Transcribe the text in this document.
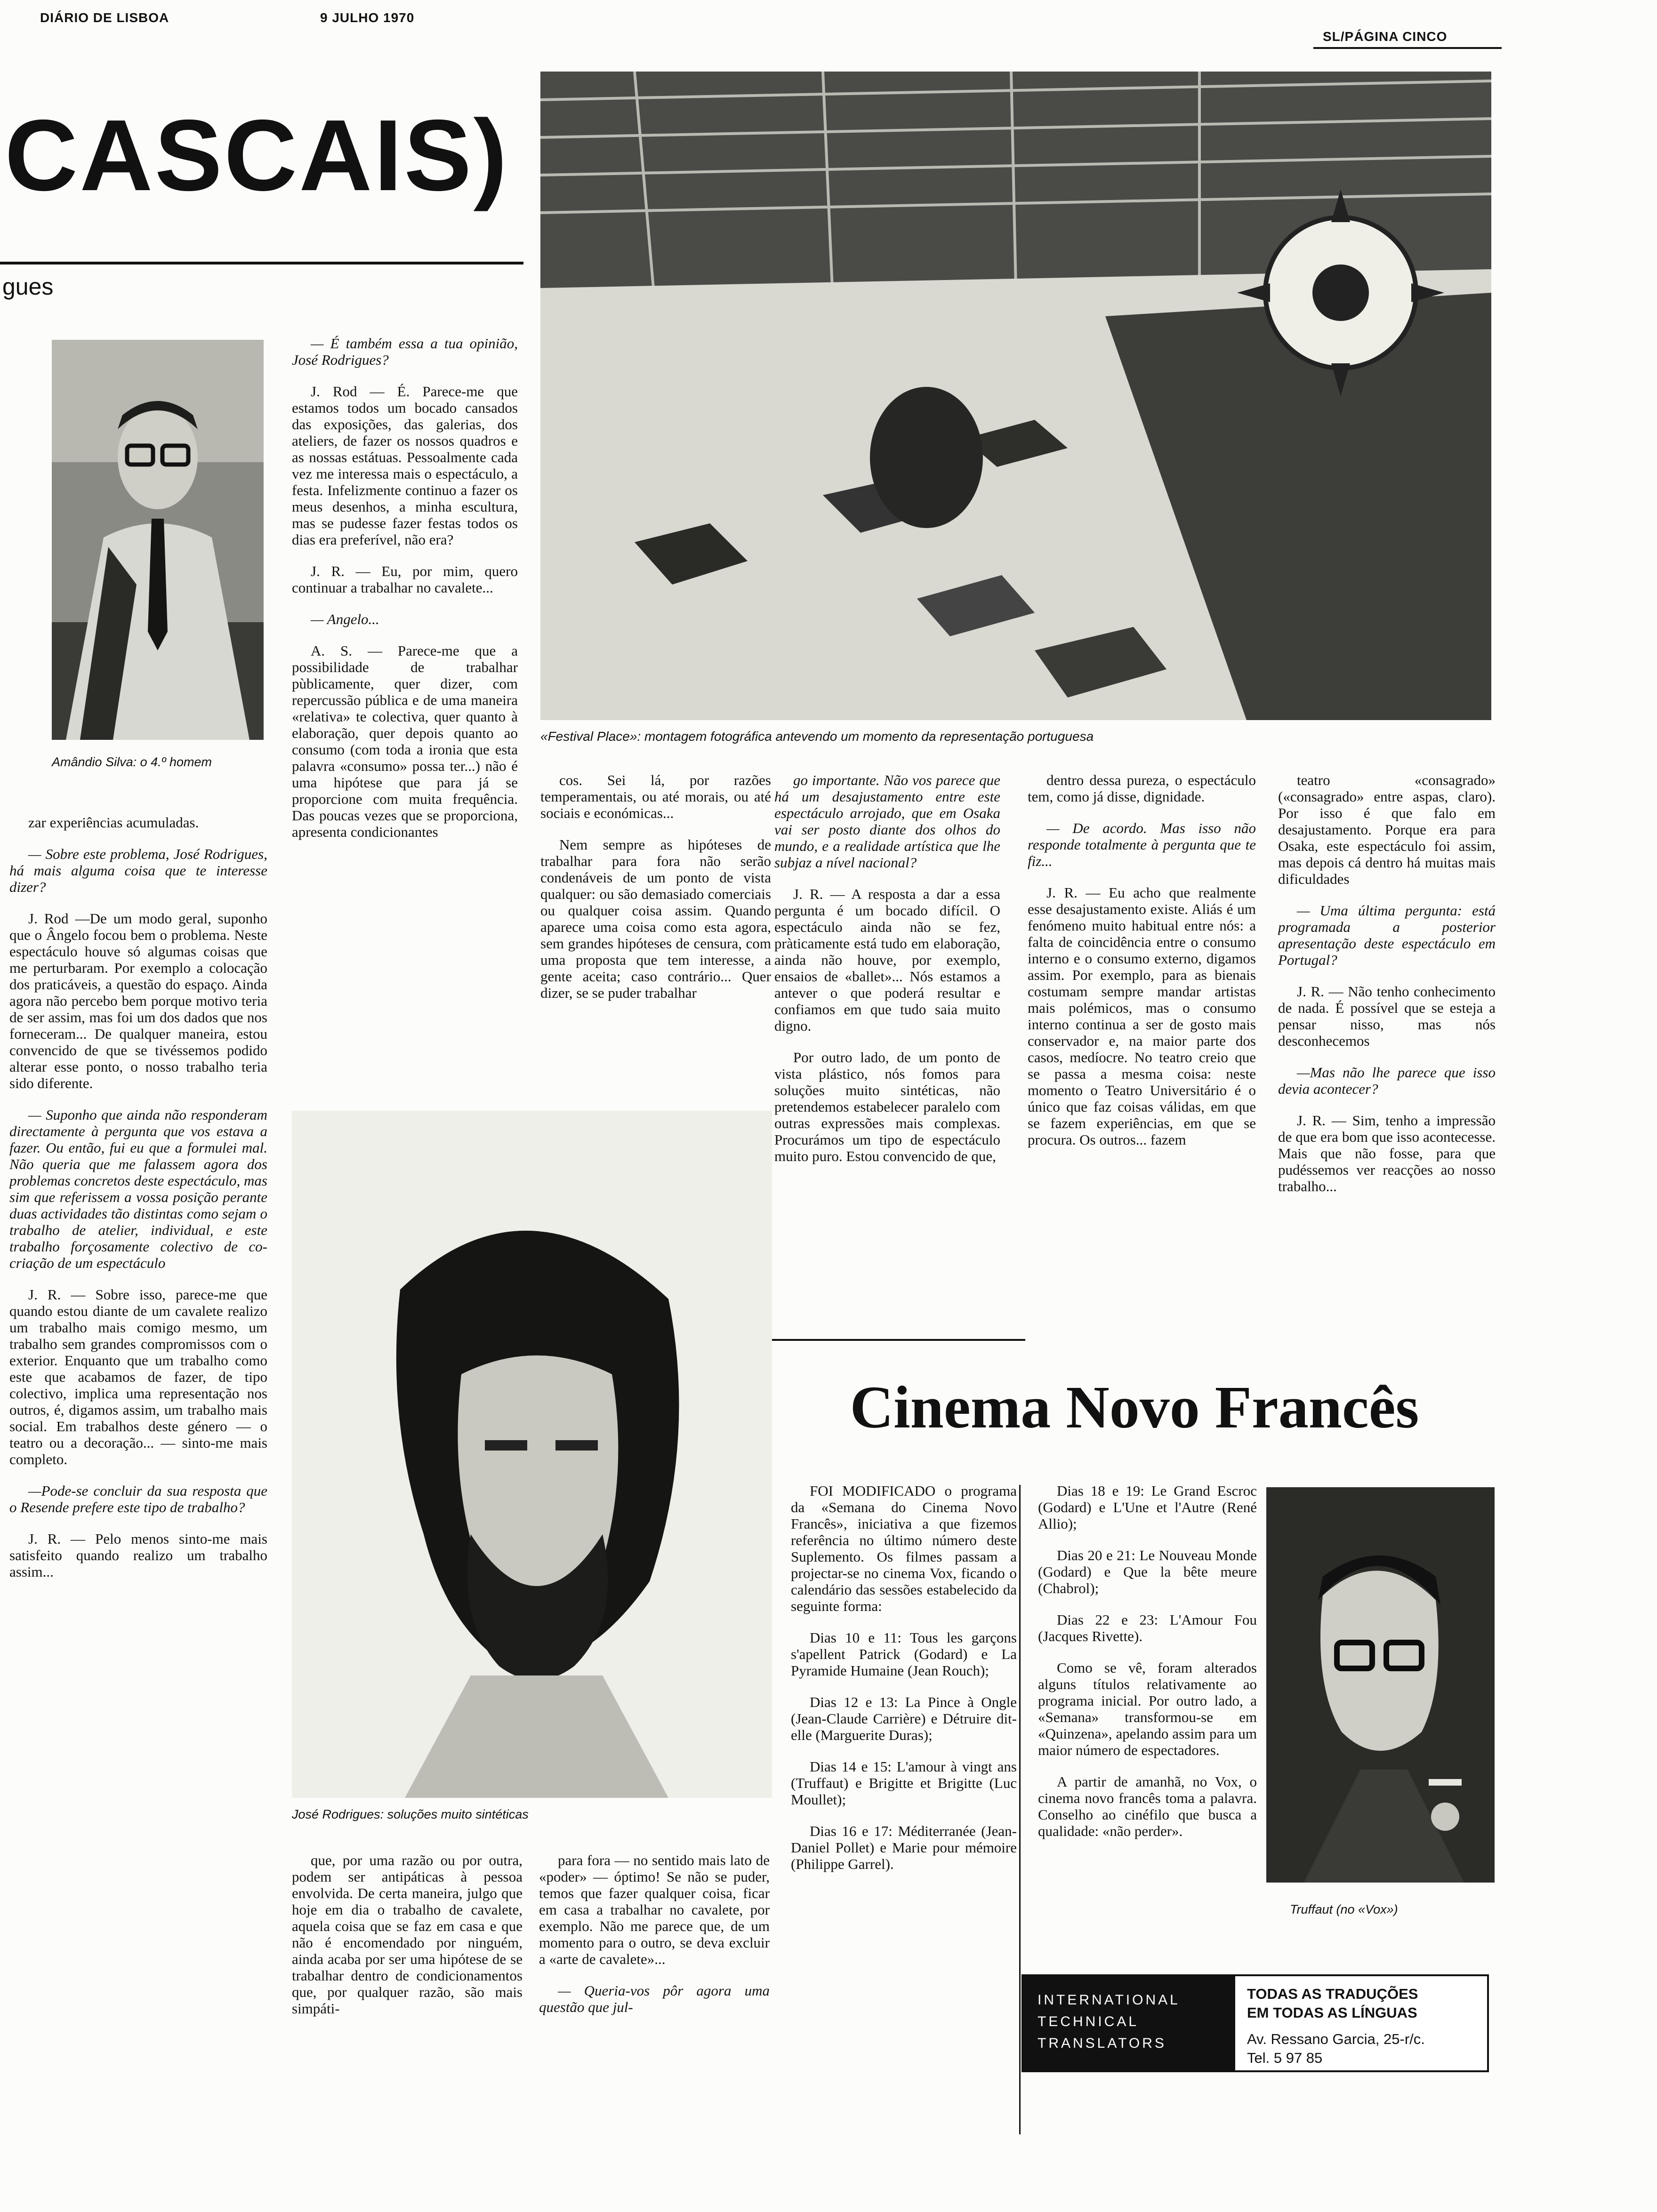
DIÁRIO DE LISBOA	9 JULHO 1970
SL/PÁGINA CINCO
CASCAIS)
gues
Amândio Silva: o 4.º homem
«Festival Place»: montagem fotográfica antevendo um momento da representação portuguesa

— É também essa a tua opinião, José Rodrigues?

J. Rod — É. Parece-me que estamos todos um bocado cansados das exposições, das galerias, dos ateliers, de fazer os nossos quadros e as nossas estátuas. Pessoalmente cada vez me interessa mais o espectáculo, a festa. Infelizmente continuo a fazer os meus desenhos, a minha escultura, mas se pudesse fazer festas todos os dias era preferível, não era?

J. R. — Eu, por mim, quero continuar a trabalhar no cavalete...

— Angelo...

A. S. — Parece-me que a possibilidade de trabalhar pùblicamente, quer dizer, com repercussão pública e de uma maneira «relativa» te colectiva, quer quanto à elaboração, quer depois quanto ao consumo (com toda a ironia que esta palavra «consumo» possa ter...) não é uma hipótese que para já se proporcione com muita frequência. Das poucas vezes que se proporciona, apresenta condicionantes

zar experiências acumuladas.

— Sobre este problema, José Rodrigues, há mais alguma coisa que te interesse dizer?

J. Rod —De um modo geral, suponho que o Ângelo focou bem o problema. Neste espectáculo houve só algumas coisas que me perturbaram. Por exemplo a colocação dos praticáveis, a questão do espaço. Ainda agora não percebo bem porque motivo teria de ser assim, mas foi um dos dados que nos forneceram... De qualquer maneira, estou convencido de que se tivéssemos podido alterar esse ponto, o nosso trabalho teria sido diferente.

— Suponho que ainda não responderam directamente à pergunta que vos estava a fazer. Ou então, fui eu que a formulei mal. Não queria que me falassem agora dos problemas concretos deste espectáculo, mas sim que referissem a vossa posição perante duas actividades tão distintas como sejam o trabalho de atelier, individual, e este trabalho forçosamente colectivo de co-criação de um espectáculo

J. R. — Sobre isso, parece-me que quando estou diante de um cavalete realizo um trabalho mais comigo mesmo, um trabalho sem grandes compromissos com o exterior. Enquanto que um trabalho como este que acabamos de fazer, de tipo colectivo, implica uma representação nos outros, é, digamos assim, um trabalho mais social. Em trabalhos deste género — o teatro ou a decoração... — sinto-me mais completo.

—Pode-se concluir da sua resposta que o Resende prefere este tipo de trabalho?

J. R. — Pelo menos sinto-me mais satisfeito quando realizo um trabalho assim...

cos. Sei lá, por razões temperamentais, ou até morais, ou até sociais e económicas...

Nem sempre as hipóteses de trabalhar para fora não serão condenáveis de um ponto de vista qualquer: ou são demasiado comerciais ou qualquer coisa assim. Quando aparece uma coisa como esta agora, sem grandes hipóteses de censura, com uma proposta que tem interesse, a gente aceita; caso contrário... Quer dizer, se se puder trabalhar

go importante. Não vos parece que há um desajustamento entre este espectáculo arrojado, que em Osaka vai ser posto diante dos olhos do mundo, e a realidade artística que lhe subjaz a nível nacional?

J. R. — A resposta a dar a essa pergunta é um bocado difícil. O espectáculo ainda não se fez, pràticamente está tudo em elaboração, ainda não houve, por exemplo, ensaios de «ballet»... Nós estamos a antever o que poderá resultar e confiamos em que tudo saia muito digno.

Por outro lado, de um ponto de vista plástico, nós fomos para soluções muito sintéticas, não pretendemos estabelecer paralelo com outras expressões mais complexas. Procurámos um tipo de espectáculo muito puro. Estou convencido de que,

dentro dessa pureza, o espectáculo tem, como já disse, dignidade.

— De acordo. Mas isso não responde totalmente à pergunta que te fiz...

J. R. — Eu acho que realmente esse desajustamento existe. Aliás é um fenómeno muito habitual entre nós: a falta de coincidência entre o consumo interno e o consumo externo, digamos assim. Por exemplo, para as bienais costumam sempre mandar artistas mais polémicos, mas o consumo interno continua a ser de gosto mais conservador e, na maior parte dos casos, medíocre. No teatro creio que se passa a mesma coisa: neste momento o Teatro Universitário é o único que faz coisas válidas, em que se fazem experiências, em que se procura. Os outros... fazem

teatro «consagrado» («consagrado» entre aspas, claro). Por isso é que falo em desajustamento. Porque era para Osaka, este espectáculo foi assim, mas depois cá dentro há muitas mais dificuldades

— Uma última pergunta: está programada a posterior apresentação deste espectáculo em Portugal?

J. R. — Não tenho conhecimento de nada. É possível que se esteja a pensar nisso, mas nós desconhecemos

—Mas não lhe parece que isso devia acontecer?

J. R. — Sim, tenho a impressão de que era bom que isso acontecesse. Mais que não fosse, para que pudéssemos ver reacções ao nosso trabalho...

José Rodrigues: soluções muito sintéticas

que, por uma razão ou por outra, podem ser antipáticas à pessoa envolvida. De certa maneira, julgo que hoje em dia o trabalho de cavalete, aquela coisa que se faz em casa e que não é encomendado por ninguém, ainda acaba por ser uma hipótese de se trabalhar dentro de condicionamentos que, por qualquer razão, são mais simpáti-

para fora — no sentido mais lato de «poder» — óptimo! Se não se puder, temos que fazer qualquer coisa, ficar em casa a trabalhar no cavalete, por exemplo. Não me parece que, de um momento para o outro, se deva excluir a «arte de cavalete»...

— Queria-vos pôr agora uma questão que jul-

Cinema Novo Francês

FOI MODIFICADO o programa da «Semana do Cinema Novo Francês», iniciativa a que fizemos referência no último número deste Suplemento. Os filmes passam a projectar-se no cinema Vox, ficando o calendário das sessões estabelecido da seguinte forma:

Dias 10 e 11: Tous les garçons s'apellent Patrick (Godard) e La Pyramide Humaine (Jean Rouch);

Dias 12 e 13: La Pince à Ongle (Jean-Claude Carrière) e Détruire dit-elle (Marguerite Duras);

Dias 14 e 15: L'amour à vingt ans (Truffaut) e Brigitte et Brigitte (Luc Moullet);

Dias 16 e 17: Méditerranée (Jean-Daniel Pollet) e Marie pour mémoire (Philippe Garrel).

Dias 18 e 19: Le Grand Escroc (Godard) e L'Une et l'Autre (René Allio);

Dias 20 e 21: Le Nouveau Monde (Godard) e Que la bête meure (Chabrol);

Dias 22 e 23: L'Amour Fou (Jacques Rivette).

Como se vê, foram alterados alguns títulos relativamente ao programa inicial. Por outro lado, a «Semana» transformou-se em «Quinzena», apelando assim para um maior número de espectadores.

A partir de amanhã, no Vox, o cinema novo francês toma a palavra. Conselho ao cinéfilo que busca a qualidade: «não perder».

Truffaut (no «Vox»)
INTERNATIONAL
TECHNICAL
TRANSLATORS
TODAS AS TRADUÇÕES
EM TODAS AS LÍNGUAS
Av. Ressano Garcia, 25-r/c.
Tel. 5 97 85
